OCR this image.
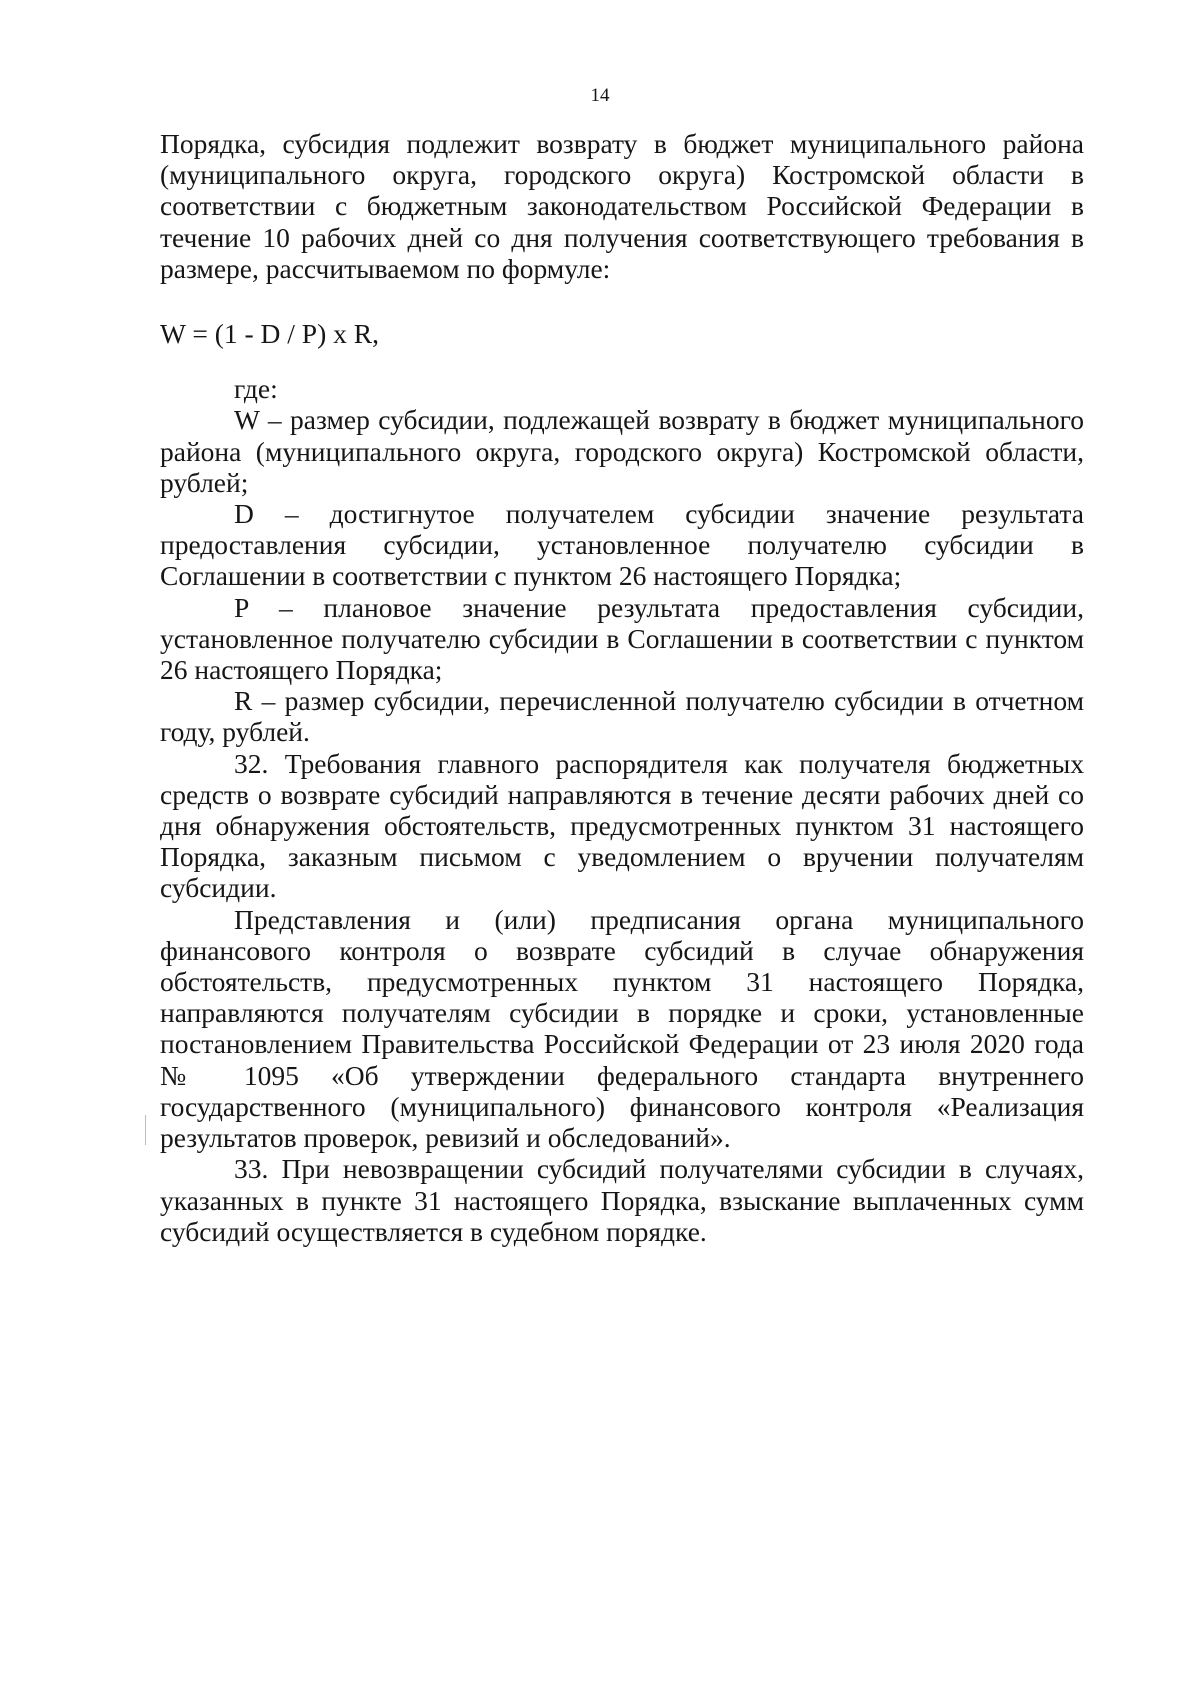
14

Порядка, субсидия подлежит возврату в бюджет муниципального района (муниципального округа, городского округа) Костромской области в соответствии с бюджетным законодательством Российской Федерации в течение 10 рабочих дней со дня получения соответствующего требования в размере, рассчитываемом по формуле:

W = (1 - D / P) x R,

где:

W – размер субсидии, подлежащей возврату в бюджет муниципального района (муниципального округа, городского округа) Костромской области, рублей;

D – достигнутое получателем субсидии значение результата предоставления субсидии, установленное получателю субсидии в Соглашении в соответствии с пунктом 26 настоящего Порядка;

P – плановое значение результата предоставления субсидии, установленное получателю субсидии в Соглашении в соответствии с пунктом 26 настоящего Порядка;

R – размер субсидии, перечисленной получателю субсидии в отчетном году, рублей.

32. Требования главного распорядителя как получателя бюджетных средств о возврате субсидий направляются в течение десяти рабочих дней со дня обнаружения обстоятельств, предусмотренных пунктом 31 настоящего Порядка, заказным письмом с уведомлением о вручении получателям субсидии.

Представления и (или) предписания органа муниципального финансового контроля о возврате субсидий в случае обнаружения обстоятельств, предусмотренных пунктом 31 настоящего Порядка, направляются получателям субсидии в порядке и сроки, установленные постановлением Правительства Российской Федерации от 23 июля 2020 года № 1095 «Об утверждении федерального стандарта внутреннего государственного (муниципального) финансового контроля «Реализация результатов проверок, ревизий и обследований».

33. При невозвращении субсидий получателями субсидии в случаях, указанных в пункте 31 настоящего Порядка, взыскание выплаченных сумм субсидий осуществляется в судебном порядке.
